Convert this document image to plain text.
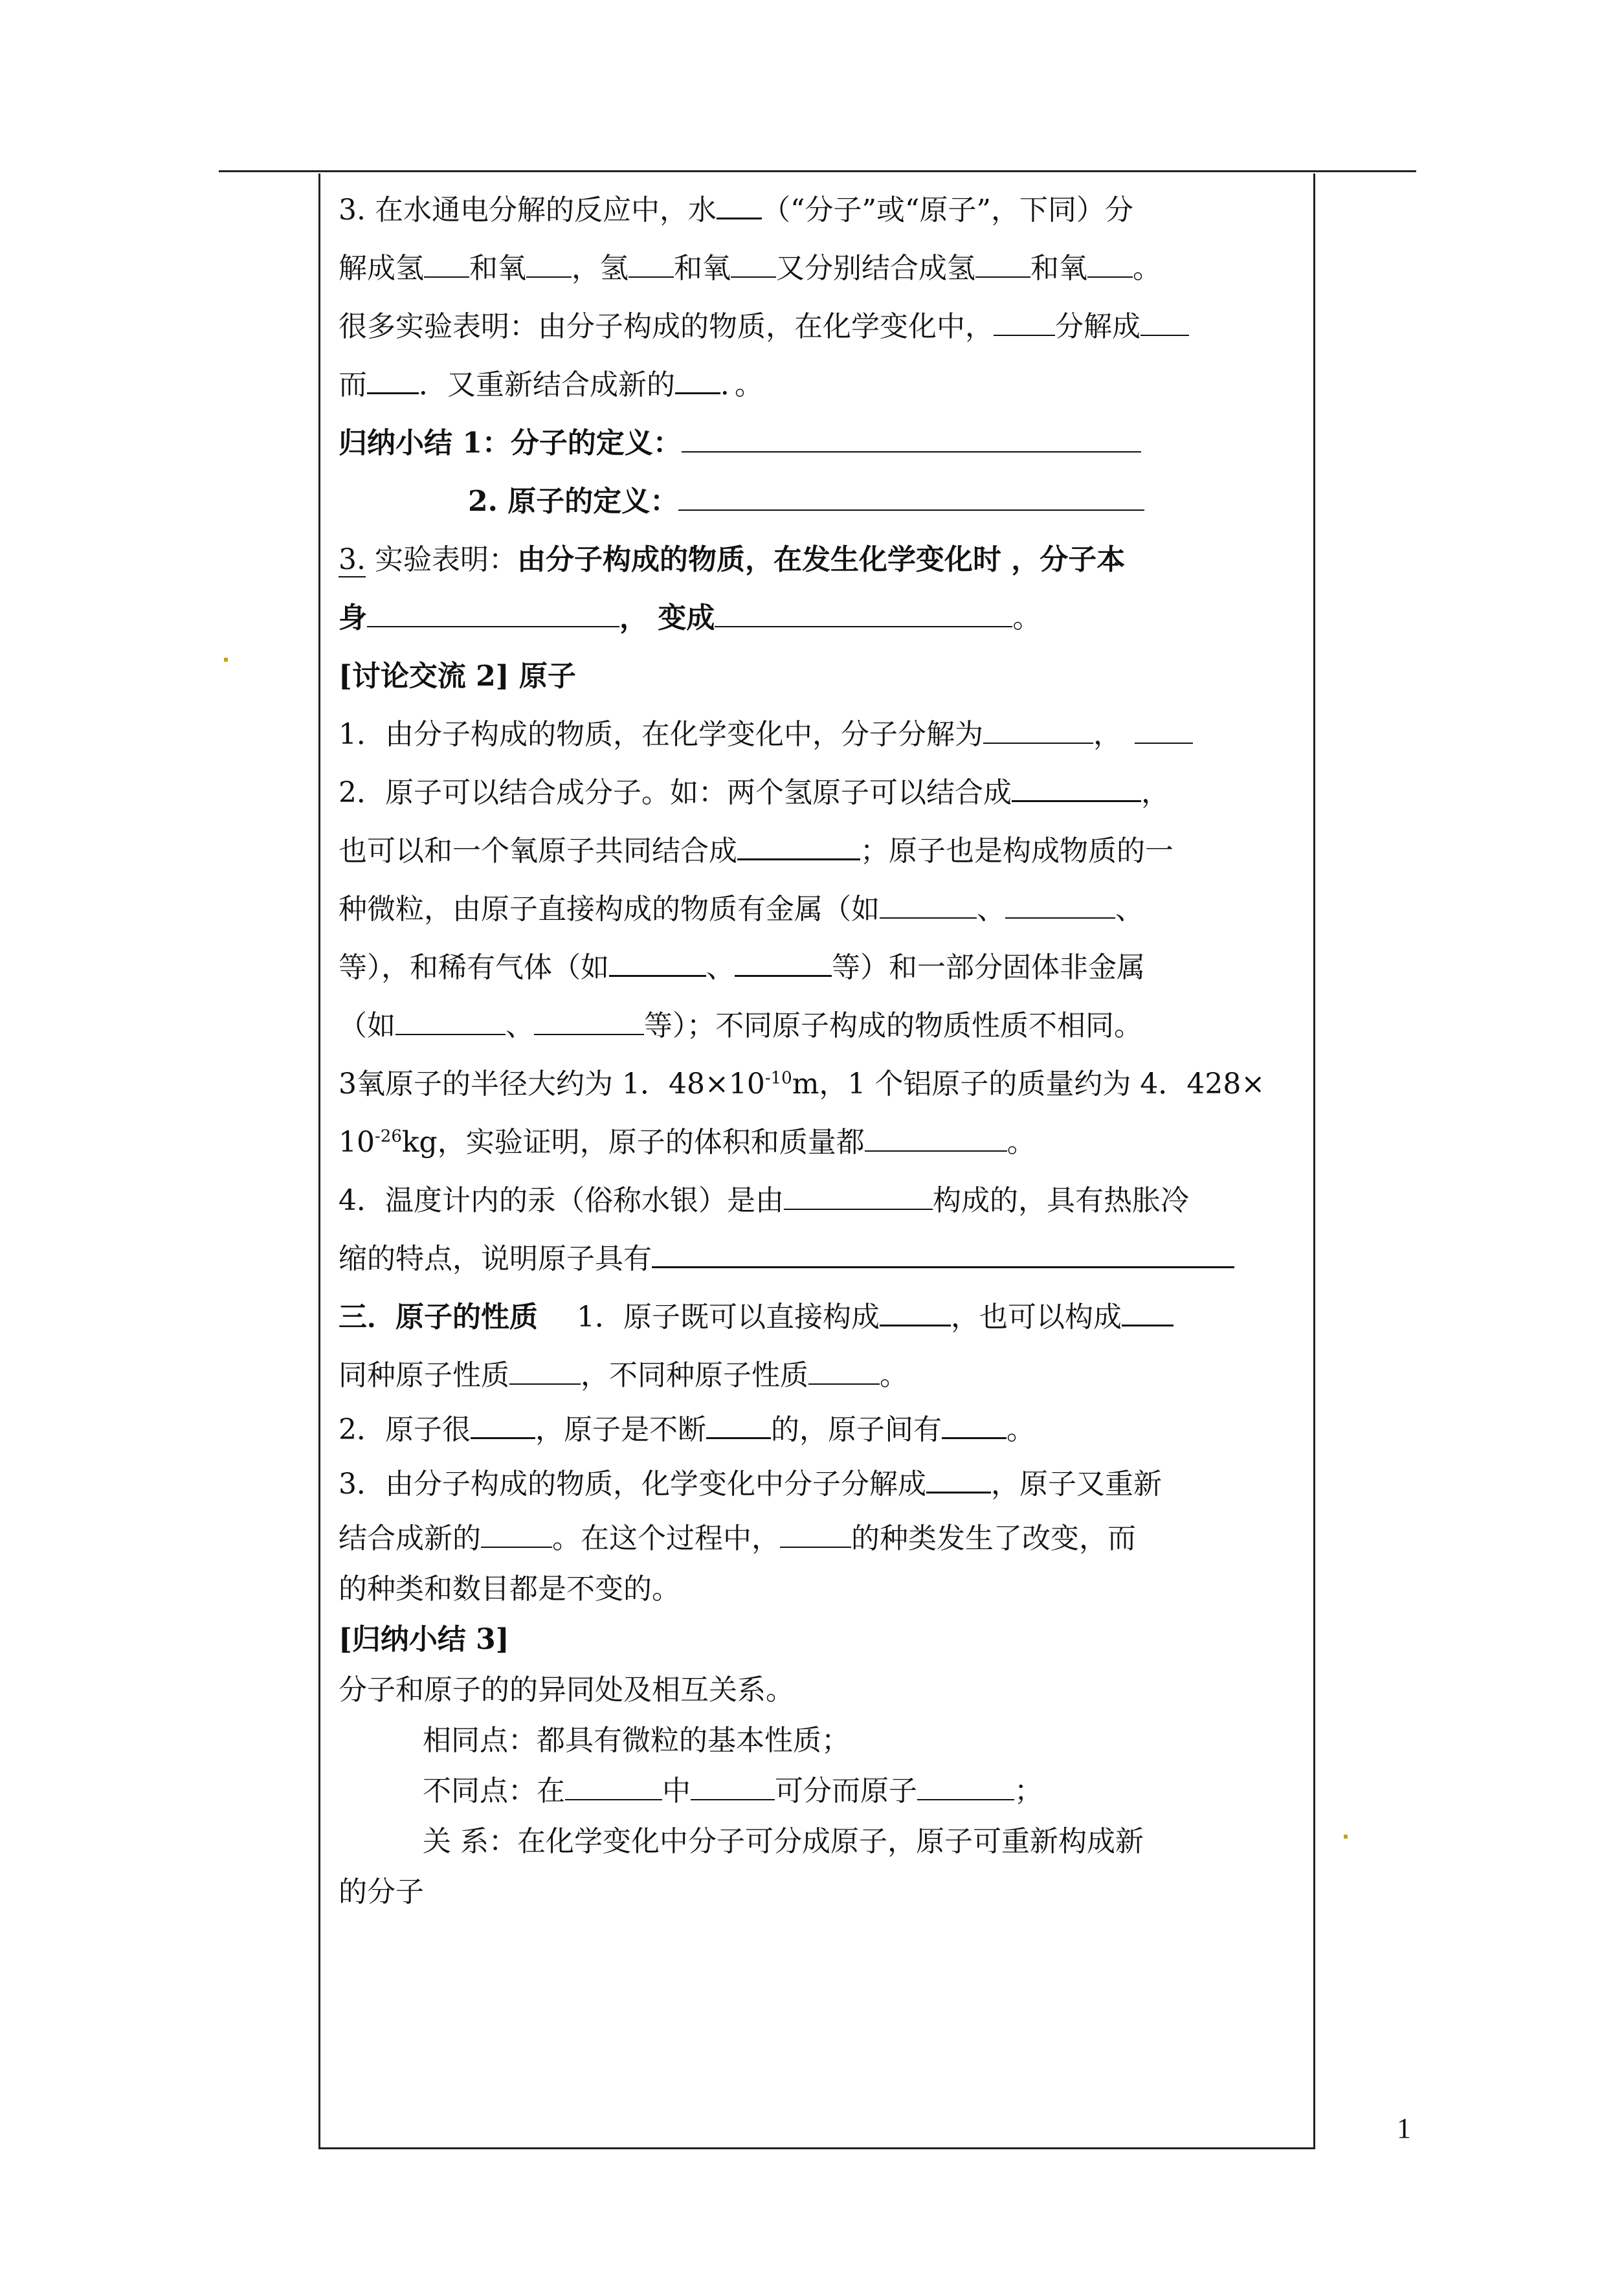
3. 在水通电分解的反应中，水 （“分子”或“原子”，下同）分
解成氢 和氧 ，氢 和氧 又分别结合成氢 和氧 。
很多实验表明：由分子构成的物质，在化学变化中， 分解成
而 ．又重新结合成新的 ．。
归纳小结 1：分子的定义：
2. 原子的定义：
3. 实验表明：由分子构成的物质，在发生化学变化时 ，分子本
身	， 变成	。
[讨论交流 2] 原子
1．由分子构成的物质，在化学变化中，分子分解为	，
2．原子可以结合成分子。如：两个氢原子可以结合成	，
也可以和一个氧原子共同结合成	；原子也是构成物质的一
种微粒，由原子直接构成的物质有金属（如	、	、
等），和稀有气体（如	、	等）和一部分固体非金属
（如	、	等）；不同原子构成的物质性质不相同。
3氧原子的半径大约为 1．$48\times 10^{-10}m$，1 个铝原子的质量约为 4．428×
$10^{-26}kg$，实验证明，原子的体积和质量都	。
4．温度计内的汞（俗称水银）是由	构成的，具有热胀冷
缩的特点，说明原子具有
三．原子的性质 1．原子既可以直接构成	，也可以构成
同种原子性质	，不同种原子性质	。
2．原子很 ，原子是不断 的，原子间有 。
3．由分子构成的物质，化学变化中分子分解成 ，原子又重新
结合成新的	。在这个过程中，	的种类发生了改变，而
的种类和数目都是不变的。
[归纳小结 3]
分子和原子的的异同处及相互关系。
相同点：都具有微粒的基本性质；
不同点：在	中	可分而原子	；
关 系：在化学变化中分子可分成原子，原子可重新构成新
的分子
1
